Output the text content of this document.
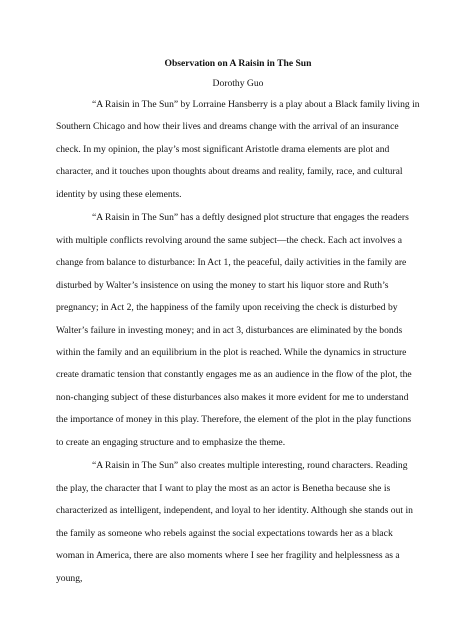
Observation on A Raisin in The Sun

Dorothy Guo

“A Raisin in The Sun” by Lorraine Hansberry is a play about a Black family living in Southern Chicago and how their lives and dreams change with the arrival of an insurance check. In my opinion, the play’s most significant Aristotle drama elements are plot and character, and it touches upon thoughts about dreams and reality, family, race, and cultural identity by using these elements.

“A Raisin in The Sun” has a deftly designed plot structure that engages the readers with multiple conflicts revolving around the same subject—the check. Each act involves a change from balance to disturbance: In Act 1, the peaceful, daily activities in the family are disturbed by Walter’s insistence on using the money to start his liquor store and Ruth’s pregnancy; in Act 2, the happiness of the family upon receiving the check is disturbed by Walter’s failure in investing money; and in act 3, disturbances are eliminated by the bonds within the family and an equilibrium in the plot is reached. While the dynamics in structure create dramatic tension that constantly engages me as an audience in the flow of the plot, the non-changing subject of these disturbances also makes it more evident for me to understand the importance of money in this play. Therefore, the element of the plot in the play functions to create an engaging structure and to emphasize the theme.

“A Raisin in The Sun” also creates multiple interesting, round characters. Reading the play, the character that I want to play the most as an actor is Benetha because she is characterized as intelligent, independent, and loyal to her identity. Although she stands out in the family as someone who rebels against the social expectations towards her as a black woman in America, there are also moments where I see her fragility and helplessness as a young,
